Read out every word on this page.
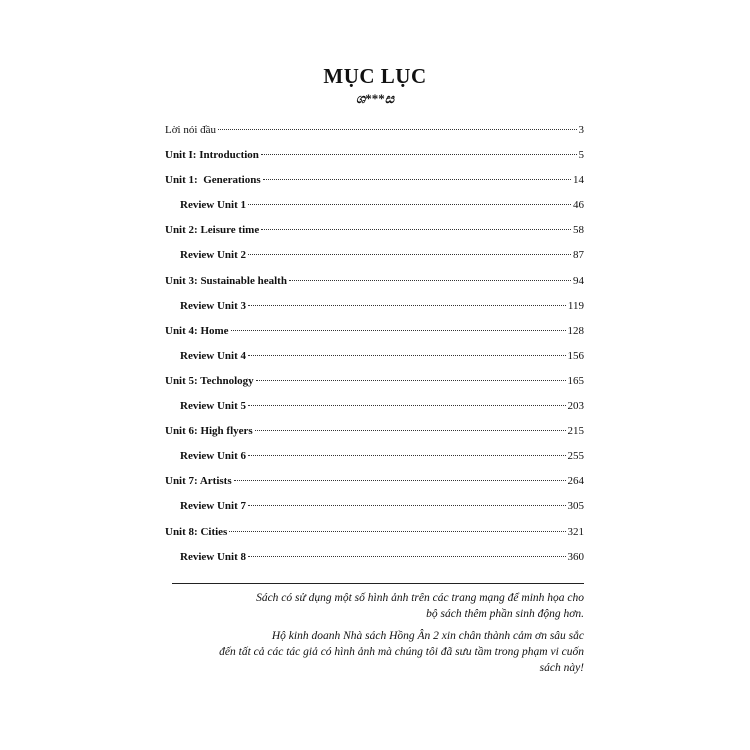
MỤC LỤC
ශ***ස
Lời nói đầu	3
Unit I: Introduction	5
Unit 1:  Generations	14
Review Unit 1	46
Unit 2: Leisure time	58
Review Unit 2	87
Unit 3: Sustainable health	94
Review Unit 3	119
Unit 4: Home	128
Review Unit 4	156
Unit 5: Technology	165
Review Unit 5	203
Unit 6: High flyers	215
Review Unit 6	255
Unit 7: Artists	264
Review Unit 7	305
Unit 8: Cities	321
Review Unit 8	360
Sách có sử dụng một số hình ảnh trên các trang mạng để minh họa cho
bộ sách thêm phần sinh động hơn.
Hộ kinh doanh Nhà sách Hồng Ân 2 xin chân thành cảm ơn sâu sắc
đến tất cả các tác giả có hình ảnh mà chúng tôi đã sưu tầm trong phạm vi cuốn
sách này!
